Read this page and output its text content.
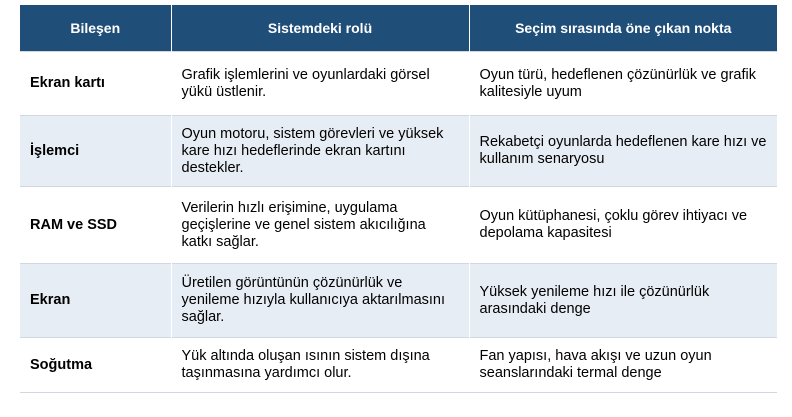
Bileşen	Sistemdeki rolü	Seçim sırasında öne çıkan nokta
Ekran kartı	Grafik işlemlerini ve oyunlardaki görsel yükü üstlenir.	Oyun türü, hedeflenen çözünürlük ve grafik kalitesiyle uyum
İşlemci	Oyun motoru, sistem görevleri ve yüksek kare hızı hedeflerinde ekran kartını destekler.	Rekabetçi oyunlarda hedeflenen kare hızı ve kullanım senaryosu
RAM ve SSD	Verilerin hızlı erişimine, uygulama geçişlerine ve genel sistem akıcılığına katkı sağlar.	Oyun kütüphanesi, çoklu görev ihtiyacı ve depolama kapasitesi
Ekran	Üretilen görüntünün çözünürlük ve yenileme hızıyla kullanıcıya aktarılmasını sağlar.	Yüksek yenileme hızı ile çözünürlük arasındaki denge
Soğutma	Yük altında oluşan ısının sistem dışına taşınmasına yardımcı olur.	Fan yapısı, hava akışı ve uzun oyun seanslarındaki termal denge
